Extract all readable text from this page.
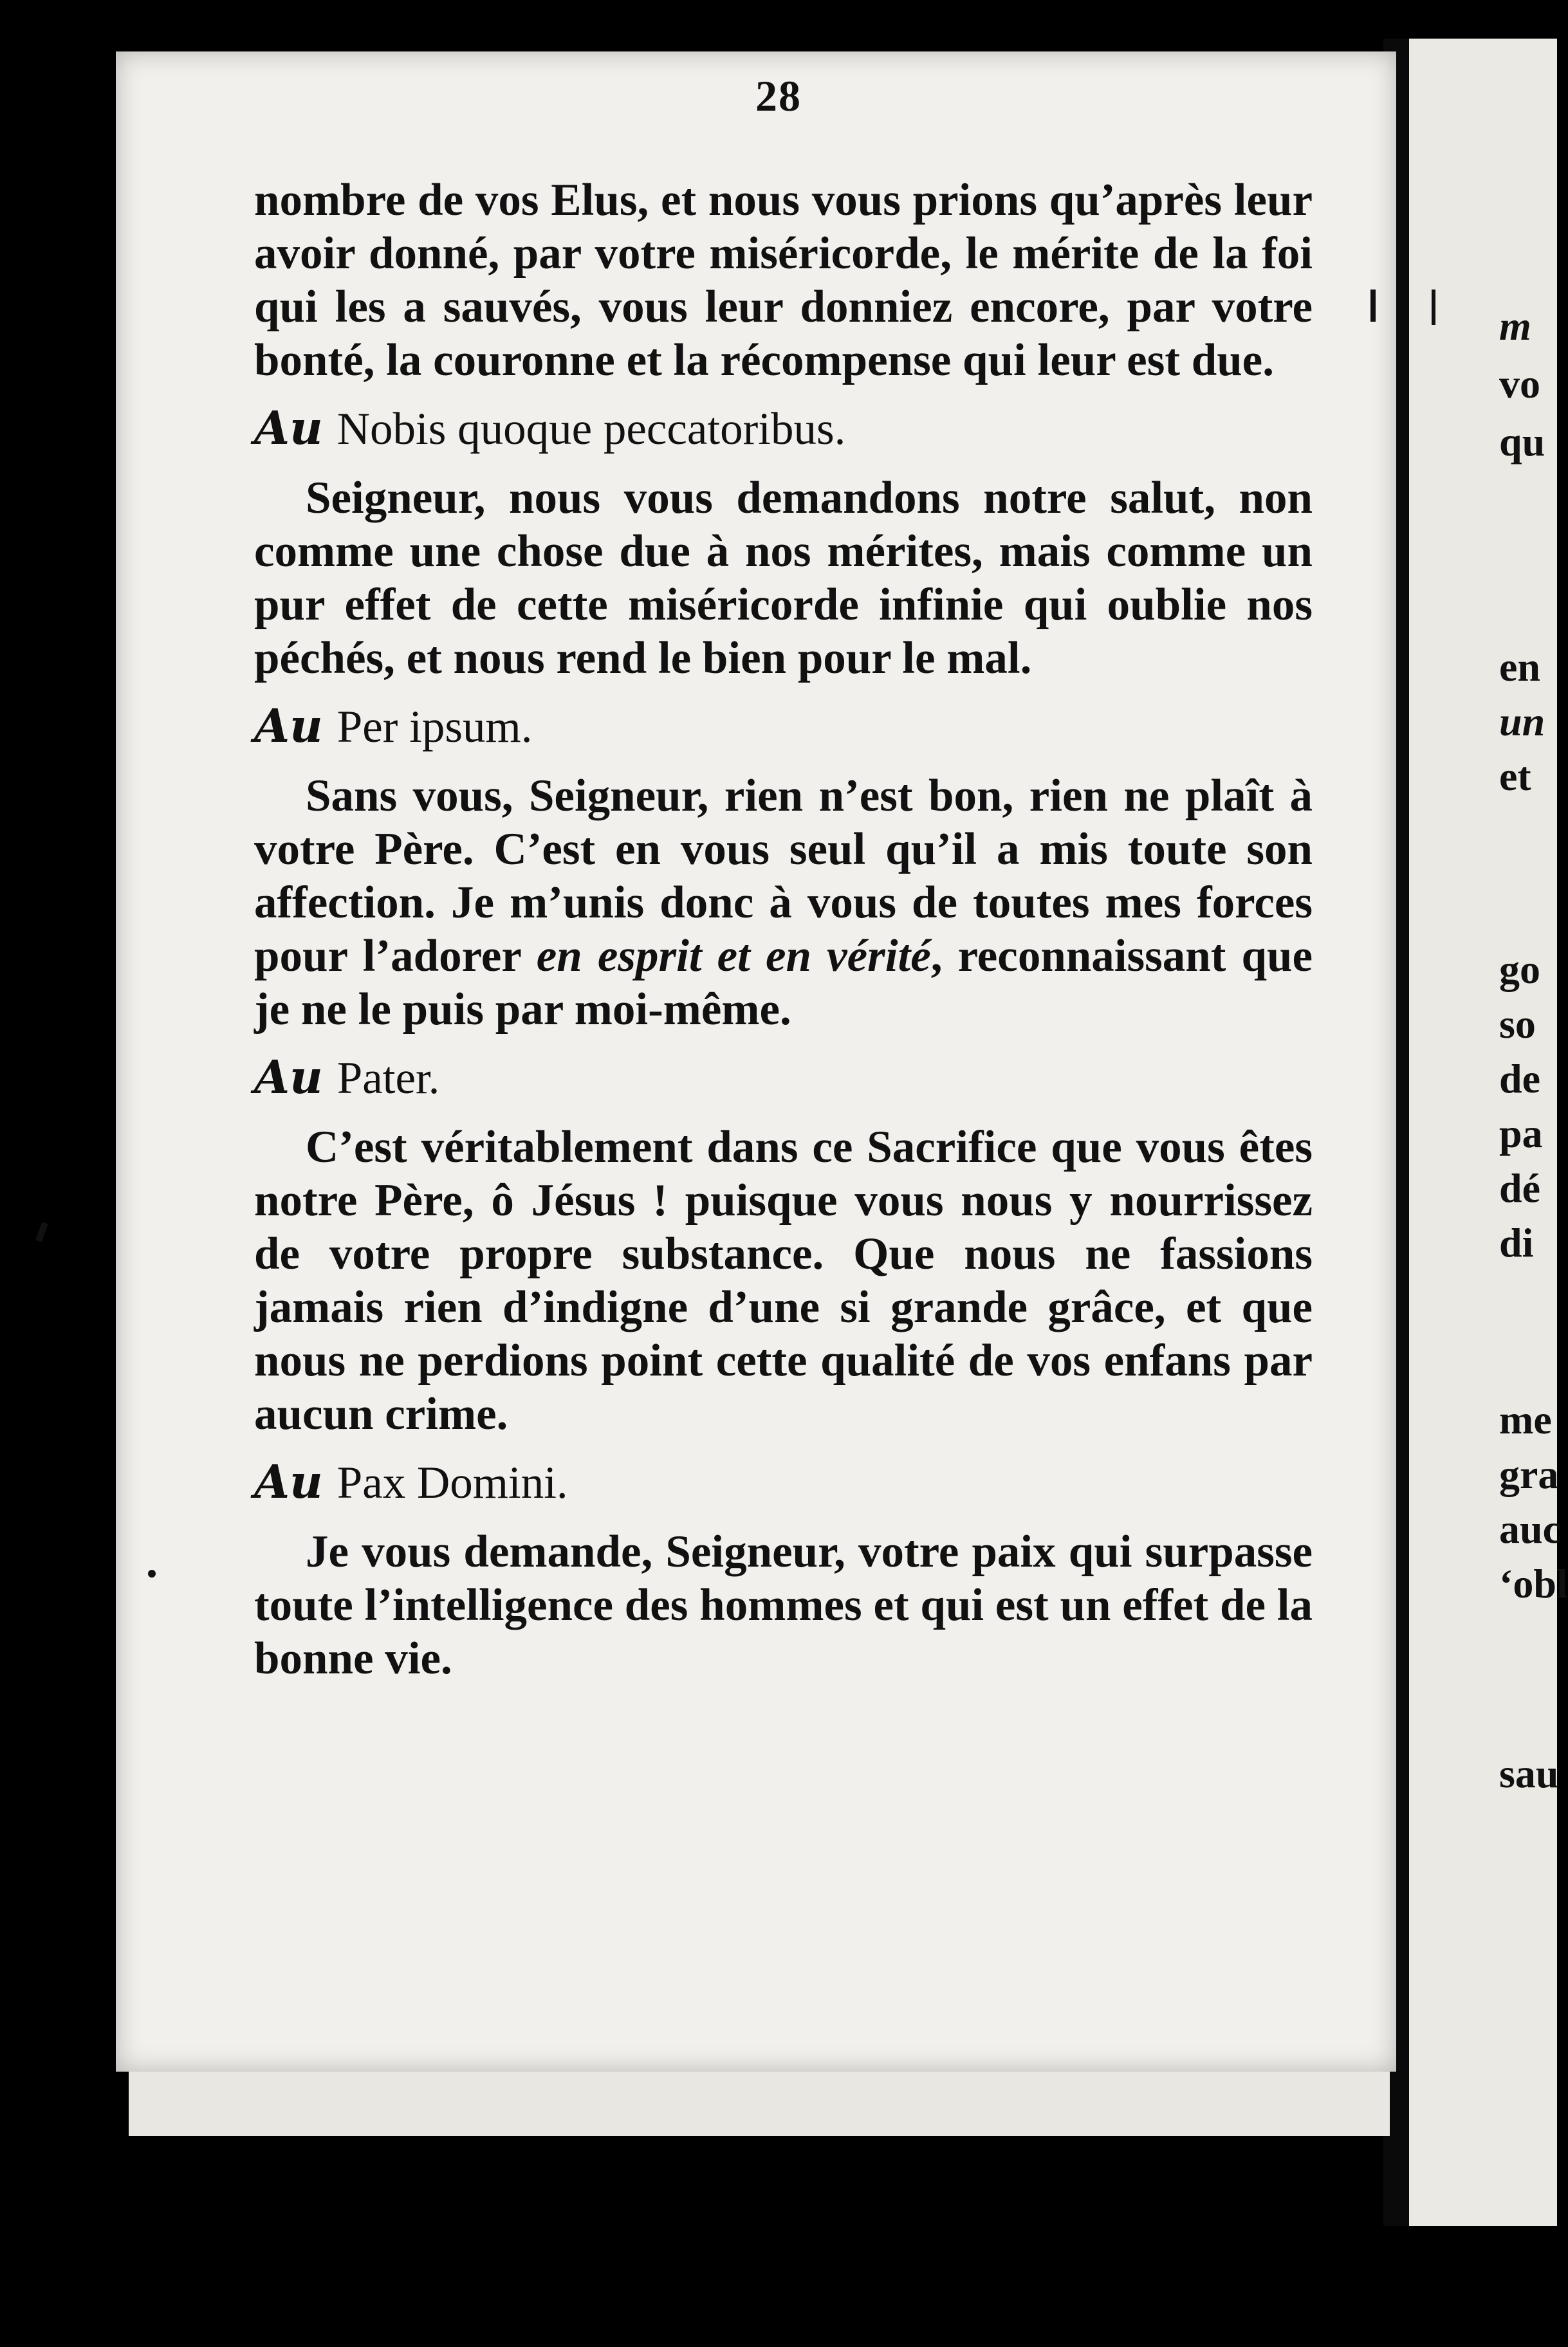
28

nombre de vos Elus, et nous vous prions qu’après leur avoir donné, par votre miséricorde, le mérite de la foi qui les a sauvés, vous leur donniez encore, par votre bonté, la couronne et la récompense qui leur est due.

Au Nobis quoque peccatoribus.

Seigneur, nous vous demandons notre salut, non comme une chose due à nos mérites, mais comme un pur effet de cette miséricorde infinie qui oublie nos péchés, et nous rend le bien pour le mal.

Au Per ipsum.

Sans vous, Seigneur, rien n’est bon, rien ne plaît à votre Père. C’est en vous seul qu’il a mis toute son affection. Je m’unis donc à vous de toutes mes forces pour l’adorer en esprit et en vérité, reconnaissant que je ne le puis par moi-même.

Au Pater.

C’est véritablement dans ce Sacrifice que vous êtes notre Père, ô Jésus ! puisque vous nous y nourrissez de votre propre substance. Que nous ne fassions jamais rien d’indigne d’une si grande grâce, et que nous ne perdions point cette qualité de vos enfans par aucun crime.

Au Pax Domini.

Je vous demande, Seigneur, votre paix qui surpasse toute l’intelligence des hommes et qui est un effet de la bonne vie.

m
vo
qu
en
un
et
go
so
de
pa
dé
di
me
gra
auc
‘obl
sau
